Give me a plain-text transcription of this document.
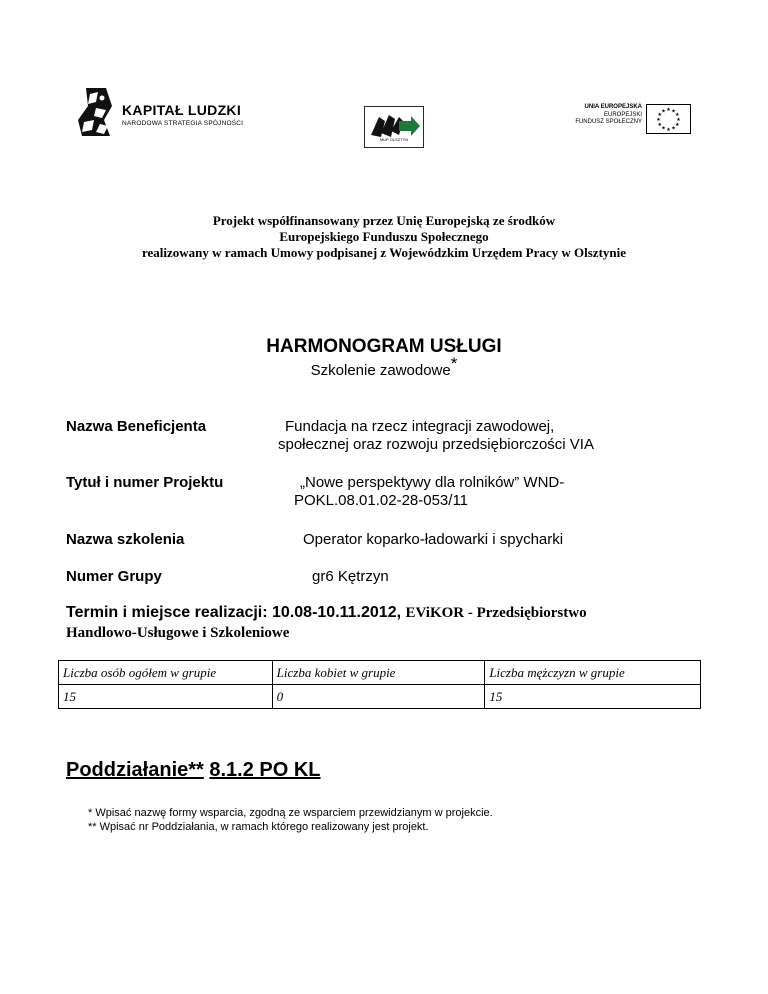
KAPITAŁ LUDZKI
NARODOWA STRATEGIA SPÓJNOŚCI
MUP OLSZTYN
UNIA EUROPEJSKA
EUROPEJSKI
FUNDUSZ SPOŁECZNY
★ ★
★
★
★
★
★
★
★
★
★
★
Projekt współfinansowany przez Unię Europejską ze środków
Europejskiego Funduszu Społecznego
realizowany w ramach Umowy podpisanej z Wojewódzkim Urzędem Pracy w Olsztynie
HARMONOGRAM USŁUGI
Szkolenie zawodowe*
Nazwa Beneficjenta	Fundacja na rzecz integracji zawodowej,
społecznej oraz rozwoju przedsiębiorczości VIA
Tytuł i numer Projektu	„Nowe perspektywy dla rolników” WND-
POKL.08.01.02-28-053/11
Nazwa szkolenia	Operator koparko-ładowarki i spycharki
Numer Grupy	gr6 Kętrzyn
Termin i miejsce realizacji: 10.08-10.11.2012, EViKOR - Przedsiębiorstwo
Handlowo-Usługowe i Szkoleniowe
Liczba osób ogółem w grupie	Liczba kobiet w grupie	Liczba mężczyzn w grupie
15	0	15
Poddziałanie** 8.1.2 PO KL
* Wpisać nazwę formy wsparcia, zgodną ze wsparciem przewidzianym w projekcie.
** Wpisać nr Poddziałania, w ramach którego realizowany jest projekt.
